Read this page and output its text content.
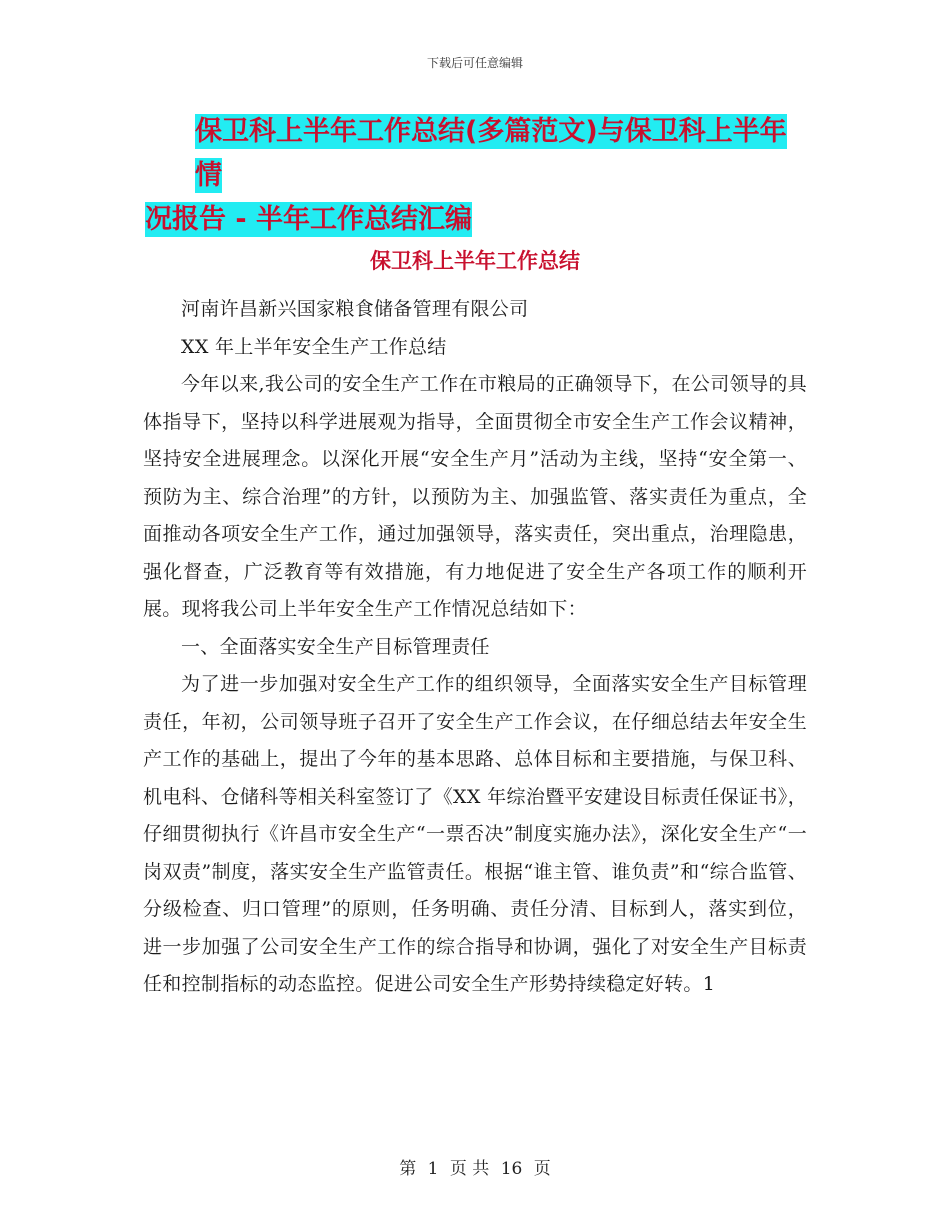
下载后可任意编辑
保卫科上半年工作总结(多篇范文)与保卫科上半年情
况报告 - 半年工作总结汇编
保卫科上半年工作总结

河南许昌新兴国家粮食储备管理有限公司

XX 年上半年安全生产工作总结

今年以来,我公司的安全生产工作在市粮局的正确领导下，在公司领导的具体指导下，坚持以科学进展观为指导，全面贯彻全市安全生产工作会议精神，坚持安全进展理念。以深化开展“安全生产月”活动为主线，坚持“安全第一、预防为主、综合治理”的方针，以预防为主、加强监管、落实责任为重点，全面推动各项安全生产工作，通过加强领导，落实责任，突出重点，治理隐患，强化督查，广泛教育等有效措施，有力地促进了安全生产各项工作的顺利开展。现将我公司上半年安全生产工作情况总结如下：

一、全面落实安全生产目标管理责任

为了进一步加强对安全生产工作的组织领导，全面落实安全生产目标管理责任，年初，公司领导班子召开了安全生产工作会议，在仔细总结去年安全生产工作的基础上，提出了今年的基本思路、总体目标和主要措施，与保卫科、机电科、仓储科等相关科室签订了《XX 年综治暨平安建设目标责任保证书》，仔细贯彻执行《许昌市安全生产“一票否决”制度实施办法》，深化安全生产“一岗双责”制度，落实安全生产监管责任。根据“谁主管、谁负责”和“综合监管、分级检查、归口管理”的原则，任务明确、责任分清、目标到人，落实到位，进一步加强了公司安全生产工作的综合指导和协调，强化了对安全生产目标责任和控制指标的动态监控。促进公司安全生产形势持续稳定好转。1

第 1 页 共 16 页
